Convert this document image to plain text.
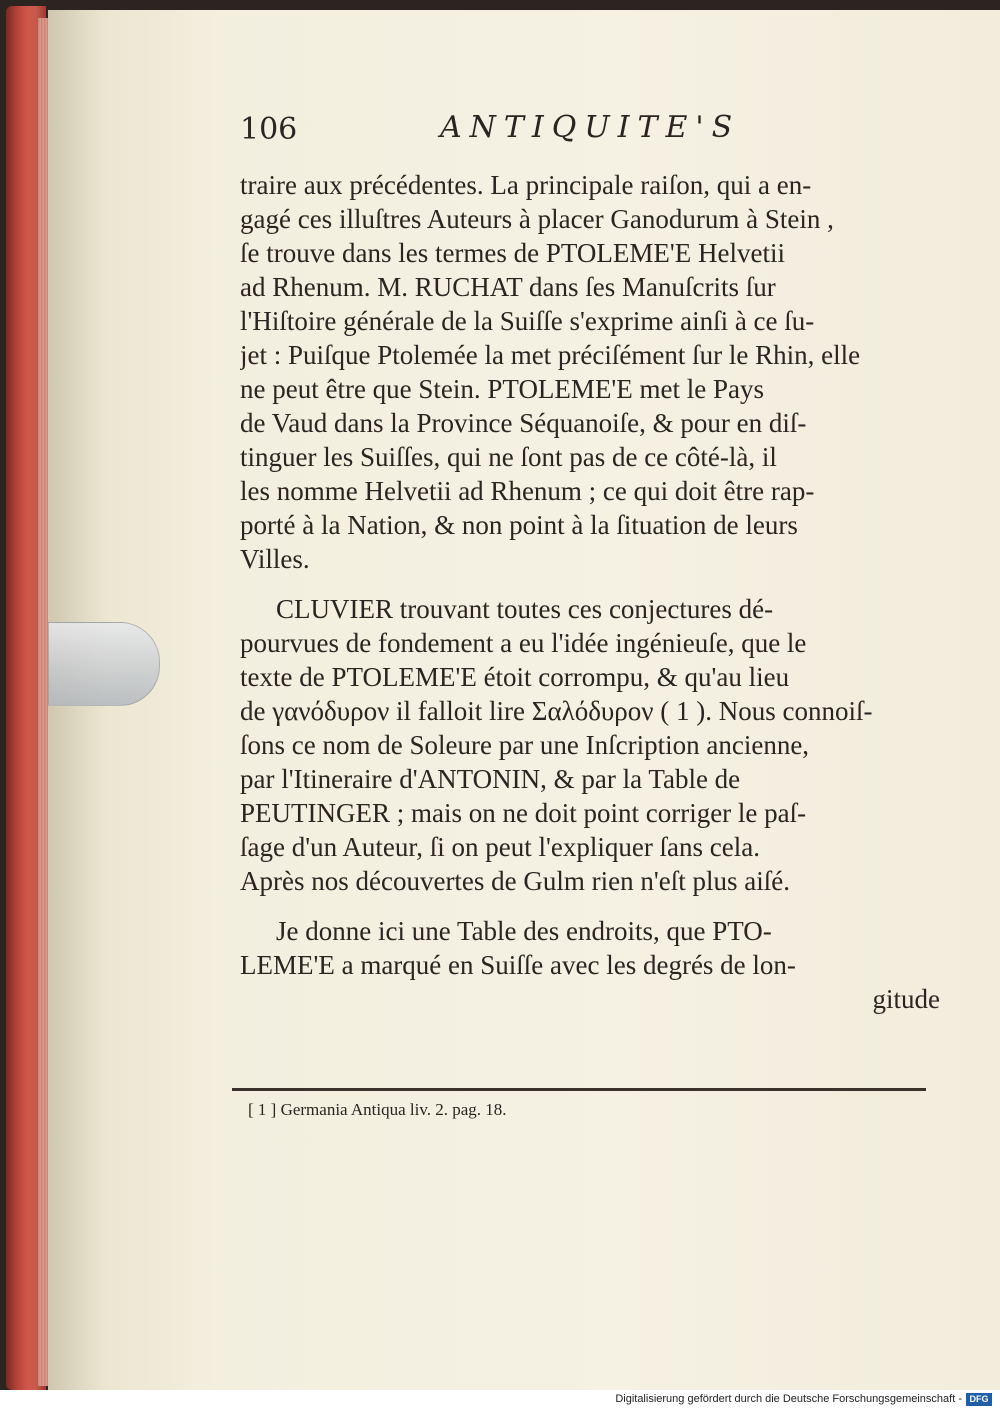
106	ANTIQUITE'S
traire aux précédentes. La principale raiſon, qui a en-
gagé ces illuſtres Auteurs à placer Ganodurum à Stein ,
ſe trouve dans les termes de PTOLEME'E Helvetii
ad Rhenum. M. RUCHAT dans ſes Manuſcrits ſur
l'Hiſtoire générale de la Suiſſe s'exprime ainſi à ce ſu-
jet : Puiſque Ptolemée la met préciſément ſur le Rhin, elle
ne peut être que Stein. PTOLEME'E met le Pays
de Vaud dans la Province Séquanoiſe, & pour en diſ-
tinguer les Suiſſes, qui ne ſont pas de ce côté-là, il
les nomme Helvetii ad Rhenum ; ce qui doit être rap-
porté à la Nation, & non point à la ſituation de leurs
Villes.
CLUVIER trouvant toutes ces conjectures dé-
pourvues de fondement a eu l'idée ingénieuſe, que le
texte de PTOLEME'E étoit corrompu, & qu'au lieu
de γανόδυρον il falloit lire Σαλόδυρον ( 1 ). Nous connoiſ-
ſons ce nom de Soleure par une Inſcription ancienne,
par l'Itineraire d'ANTONIN, & par la Table de
PEUTINGER ; mais on ne doit point corriger le paſ-
ſage d'un Auteur, ſi on peut l'expliquer ſans cela.
Après nos découvertes de Gulm rien n'eſt plus aiſé.
Je donne ici une Table des endroits, que PTO-
LEME'E a marqué en Suiſſe avec les degrés de lon-
gitude
[ 1 ] Germania Antiqua liv. 2. pag. 18.
Digitalisierung gefördert durch die Deutsche Forschungsgemeinschaft - DFG
